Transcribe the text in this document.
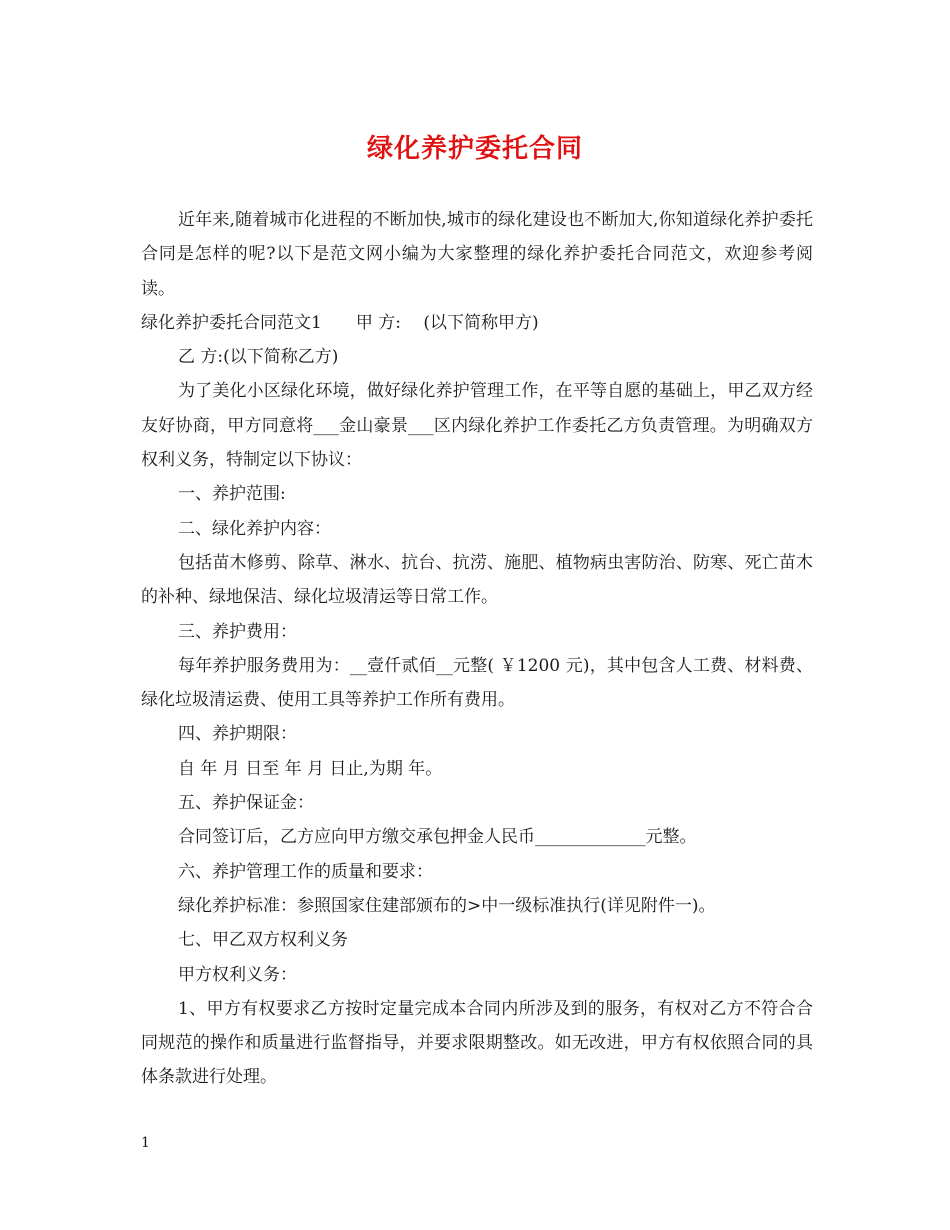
绿化养护委托合同

近年来,随着城市化进程的不断加快,城市的绿化建设也不断加大,你知道绿化养护委托合同是怎样的呢?以下是范文网小编为大家整理的绿化养护委托合同范文，欢迎参考阅读。

绿化养护委托合同范文1　　甲 方:　 (以下简称甲方)

乙 方:(以下简称乙方)

为了美化小区绿化环境，做好绿化养护管理工作，在平等自愿的基础上，甲乙双方经友好协商，甲方同意将___金山豪景___区内绿化养护工作委托乙方负责管理。为明确双方权利义务，特制定以下协议：

一、养护范围:

二、绿化养护内容：

包括苗木修剪、除草、淋水、抗台、抗涝、施肥、植物病虫害防治、防寒、死亡苗木的补种、绿地保洁、绿化垃圾清运等日常工作。

三、养护费用：

每年养护服务费用为：__壹仟贰佰__元整( ￥1200 元)，其中包含人工费、材料费、绿化垃圾清运费、使用工具等养护工作所有费用。

四、养护期限：

自 年 月 日至 年 月 日止,为期 年。

五、养护保证金：

合同签订后，乙方应向甲方缴交承包押金人民币_____________元整。

六、养护管理工作的质量和要求：

绿化养护标准：参照国家住建部颁布的>中一级标准执行(详见附件一)。

七、甲乙双方权利义务

甲方权利义务：

1、甲方有权要求乙方按时定量完成本合同内所涉及到的服务，有权对乙方不符合合同规范的操作和质量进行监督指导，并要求限期整改。如无改进，甲方有权依照合同的具体条款进行处理。

1
